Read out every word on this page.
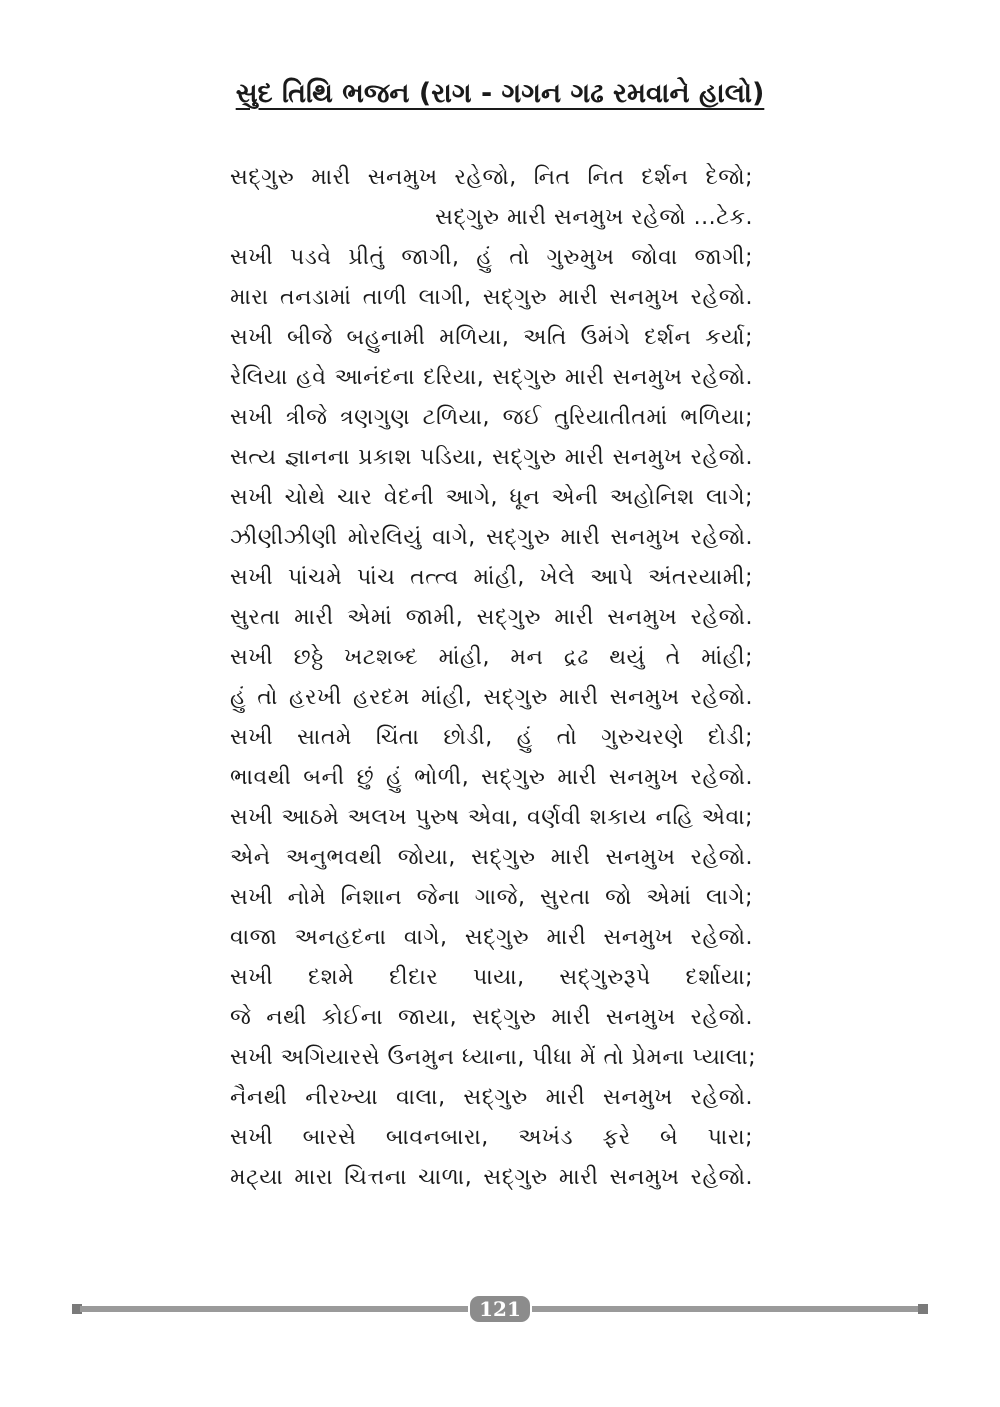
સુદ તિથિ ભજન (રાગ - ગગન ગઢ રમવાને હાલો)
સદ્‌ગુરુ મારી સનમુખ રહેજો, નિત નિત દર્શન દેજો;
સદ્‌ગુરુ મારી સનમુખ રહેજો ...ટેક.
સખી પડવે પ્રીતું જાગી, હું તો ગુરુમુખ જોવા જાગી;
મારા તનડામાં તાળી લાગી, સદ્‌ગુરુ મારી સનમુખ રહેજો.
સખી બીજે બહુનામી મળિયા, અતિ ઉમંગે દર્શન કર્યા;
રેલિયા હવે આનંદના દરિયા, સદ્‌ગુરુ મારી સનમુખ રહેજો.
સખી ત્રીજે ત્રણગુણ ટળિયા, જઈ તુરિયાતીતમાં ભળિયા;
સત્ય જ્ઞાનના પ્રકાશ પડિયા, સદ્‌ગુરુ મારી સનમુખ રહેજો.
સખી ચોથે ચાર વેદની આગે, ધૂન એની અહોનિશ લાગે;
ઝીણીઝીણી મોરલિયું વાગે, સદ્‌ગુરુ મારી સનમુખ રહેજો.
સખી પાંચમે પાંચ તત્ત્વ માંહી, ખેલે આપે અંતરયામી;
સુરતા મારી એમાં જામી, સદ્‌ગુરુ મારી સનમુખ રહેજો.
સખી છઠ્ઠે ખટશબ્દ માંહી, મન દ્રઢ થયું તે માંહી;
હું તો હરખી હરદમ માંહી, સદ્‌ગુરુ મારી સનમુખ રહેજો.
સખી સાતમે ચિંતા છોડી, હું તો ગુરુચરણે દોડી;
ભાવથી બની છું હું ભોળી, સદ્‌ગુરુ મારી સનમુખ રહેજો.
સખી આઠમે અલખ પુરુષ એવા, વર્ણવી શકાય નહિ એવા;
એને અનુભવથી જોયા, સદ્‌ગુરુ મારી સનમુખ રહેજો.
સખી નોમે નિશાન જેના ગાજે, સુરતા જો એમાં લાગે;
વાજા અનહદના વાગે, સદ્‌ગુરુ મારી સનમુખ રહેજો.
સખી દશમે દીદાર પાયા, સદ્‌ગુરુરૂપે દર્શાયા;
જે નથી કોઈના જાયા, સદ્‌ગુરુ મારી સનમુખ રહેજો.
સખી અગિયારસે ઉનમુન ધ્યાના, પીધા મેં તો પ્રેમના પ્યાલા;
નૈનથી નીરખ્યા વાલા, સદ્‌ગુરુ મારી સનમુખ રહેજો.
સખી બારસે બાવનબારા, અખંડ ફરે બે પારા;
મટ્યા મારા ચિત્તના ચાળા, સદ્‌ગુરુ મારી સનમુખ રહેજો.
121
